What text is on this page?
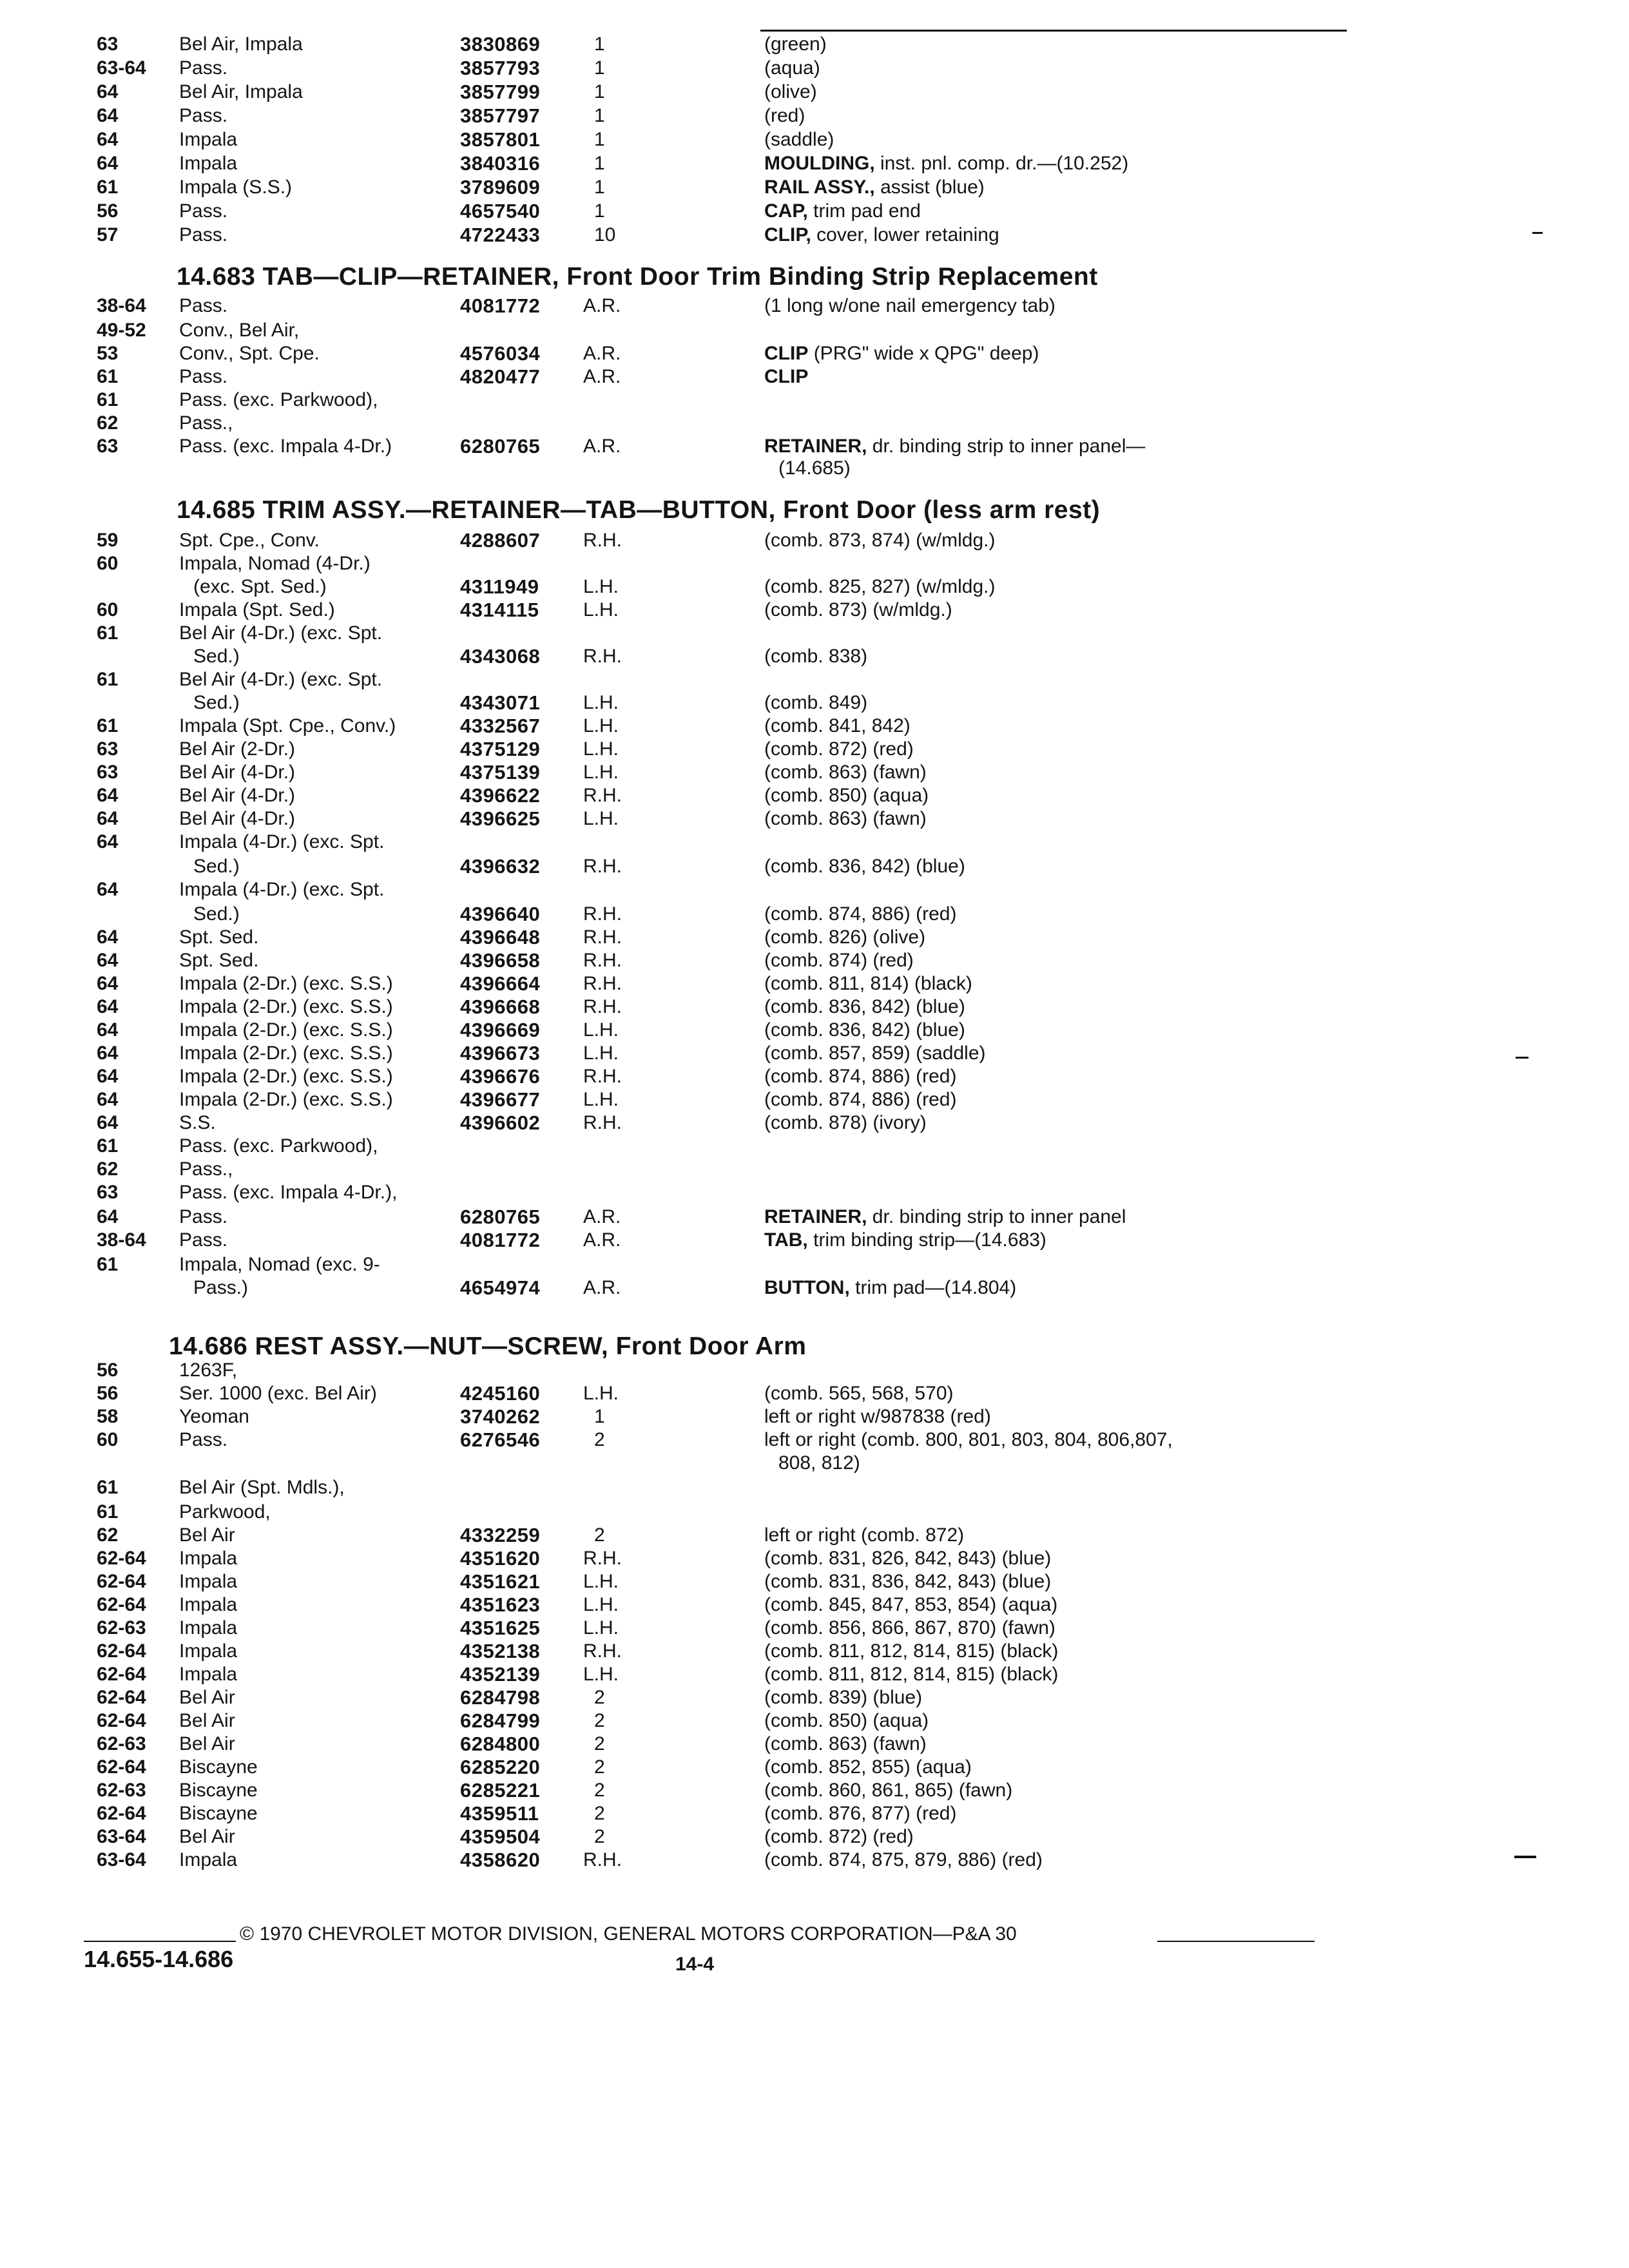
63	Bel Air, Impala . . .	3830869	1	(green) . . .
63-64 Pass. . . .	3857793	1	(aqua) . . .
64	Bel Air, Impala . . .	3857799	1	(olive) . . .
64	Pass. . . .	3857797	1	(red) . . .
64	Impala . . .	3857801	1	(saddle) . . .
64	Impala . . .	3840316	1	MOULDING, inst. pnl. comp. dr.—(10.252) . . .
61	Impala (S.S.) . . .	3789609	1	RAIL ASSY., assist (blue) . . .
56	Pass. . . .	4657540	1	CAP, trim pad end . . .
57	Pass. . . .	4722433	10	CLIP, cover, lower retaining . . .
38-64 Pass. . . .	4081772 A.R.	(1 long w/one nail emergency tab) . . .
49-52 Conv., Bel Air,
53	Conv., Spt. Cpe. . . .	4576034 A.R.	CLIP (PRG" wide x QPG" deep) . . .
61	Pass. . . .	4820477 A.R.	CLIP . . .
61	Pass. (exc. Parkwood),
62	Pass.,
63	Pass. (exc. Impala 4-Dr.) . . .	6280765 A.R.	RETAINER, dr. binding strip to inner panel—
(14.685) . . .
59	Spt. Cpe., Conv. . . .	4288607 R.H.	(comb. 873, 874) (w/mldg.) . . .
60	Impala, Nomad (4-Dr.)
(exc. Spt. Sed.) . . .	4311949 L.H.	(comb. 825, 827) (w/mldg.) . . .
60	Impala (Spt. Sed.) . . .	4314115 L.H.	(comb. 873) (w/mldg.) . . .
61	Bel Air (4-Dr.) (exc. Spt.
Sed.) . . .	4343068 R.H.	(comb. 838) . . .
61	Bel Air (4-Dr.) (exc. Spt.
Sed.) . . .	4343071 L.H.	(comb. 849) . . .
61	Impala (Spt. Cpe., Conv.) . . .	4332567 L.H.	(comb. 841, 842) . . .
63	Bel Air (2-Dr.) . . .	4375129 L.H.	(comb. 872) (red) . . .
63	Bel Air (4-Dr.) . . .	4375139 L.H.	(comb. 863) (fawn) . . .
64	Bel Air (4-Dr.) . . .	4396622 R.H.	(comb. 850) (aqua) . . .
64	Bel Air (4-Dr.) . . .	4396625 L.H.	(comb. 863) (fawn) . . .
64	Impala (4-Dr.) (exc. Spt.
Sed.) . . .	4396632 R.H.	(comb. 836, 842) (blue) . . .
64	Impala (4-Dr.) (exc. Spt.
Sed.) . . .	4396640 R.H.	(comb. 874, 886) (red) . . .
64	Spt. Sed. . . .	4396648 R.H.	(comb. 826) (olive) . . .
64	Spt. Sed. . . .	4396658 R.H.	(comb. 874) (red) . . .
64	Impala (2-Dr.) (exc. S.S.) . . .	4396664 R.H.	(comb. 811, 814) (black) . . .
64	Impala (2-Dr.) (exc. S.S.) . . .	4396668 R.H.	(comb. 836, 842) (blue) . . .
64	Impala (2-Dr.) (exc. S.S.) . . .	4396669 L.H.	(comb. 836, 842) (blue) . . .
64	Impala (2-Dr.) (exc. S.S.) . . .	4396673 L.H.	(comb. 857, 859) (saddle) . . .
64	Impala (2-Dr.) (exc. S.S.) . . .	4396676 R.H.	(comb. 874, 886) (red) . . .
64	Impala (2-Dr.) (exc. S.S.) . . .	4396677 L.H.	(comb. 874, 886) (red) . . .
64	S.S. . . .	4396602 R.H.	(comb. 878) (ivory) . . .
61	Pass. (exc. Parkwood),
62	Pass.,
63	Pass. (exc. Impala 4-Dr.),
64	Pass. . . .	6280765 A.R.	RETAINER, dr. binding strip to inner panel . . .
38-64 Pass. . . .	4081772 A.R.	TAB, trim binding strip—(14.683) . . .
61	Impala, Nomad (exc. 9-
Pass.) . . .	4654974 A.R.	BUTTON, trim pad—(14.804) . . .
56	1263F,
56	Ser. 1000 (exc. Bel Air) . . .	4245160 L.H.	(comb. 565, 568, 570) . . .
58	Yeoman . . .	3740262	1	left or right w/987838 (red) . . .
60	Pass. . . .	6276546	2	left or right (comb. 800, 801, 803, 804, 806,807,
808, 812) . . .
61	Bel Air (Spt. Mdls.),
61	Parkwood,
62	Bel Air . . .	4332259	2	left or right (comb. 872) . . .
62-64 Impala . . .	4351620 R.H.	(comb. 831, 826, 842, 843) (blue) . . .
62-64 Impala . . .	4351621 L.H.	(comb. 831, 836, 842, 843) (blue) . . .
62-64 Impala . . .	4351623 L.H.	(comb. 845, 847, 853, 854) (aqua) . . .
62-63 Impala . . .	4351625 L.H.	(comb. 856, 866, 867, 870) (fawn) . . .
62-64 Impala . . .	4352138 R.H.	(comb. 811, 812, 814, 815) (black) . . .
62-64 Impala . . .	4352139 L.H.	(comb. 811, 812, 814, 815) (black) . . .
62-64 Bel Air . . .	6284798	2	(comb. 839) (blue) . . .
62-64 Bel Air . . .	6284799	2	(comb. 850) (aqua) . . .
62-63 Bel Air . . .	6284800	2	(comb. 863) (fawn) . . .
62-64 Biscayne . . .	6285220	2	(comb. 852, 855) (aqua) . . .
62-63 Biscayne . . .	6285221	2	(comb. 860, 861, 865) (fawn) . . .
62-64 Biscayne . . .	4359511	2	(comb. 876, 877) (red) . . .
63-64 Bel Air . . .	4359504	2	(comb. 872) (red) . . .
63-64 Impala . . .	4358620 R.H.	(comb. 874, 875, 879, 886) (red) . . .
14.683 TAB—CLIP—RETAINER, Front Door Trim Binding Strip Replacement
14.685 TRIM ASSY.—RETAINER—TAB—BUTTON, Front Door (less arm rest)
14.686 REST ASSY.—NUT—SCREW, Front Door Arm
© 1970 CHEVROLET MOTOR DIVISION, GENERAL MOTORS CORPORATION—P&A 30
14.655-14.686	14-4
